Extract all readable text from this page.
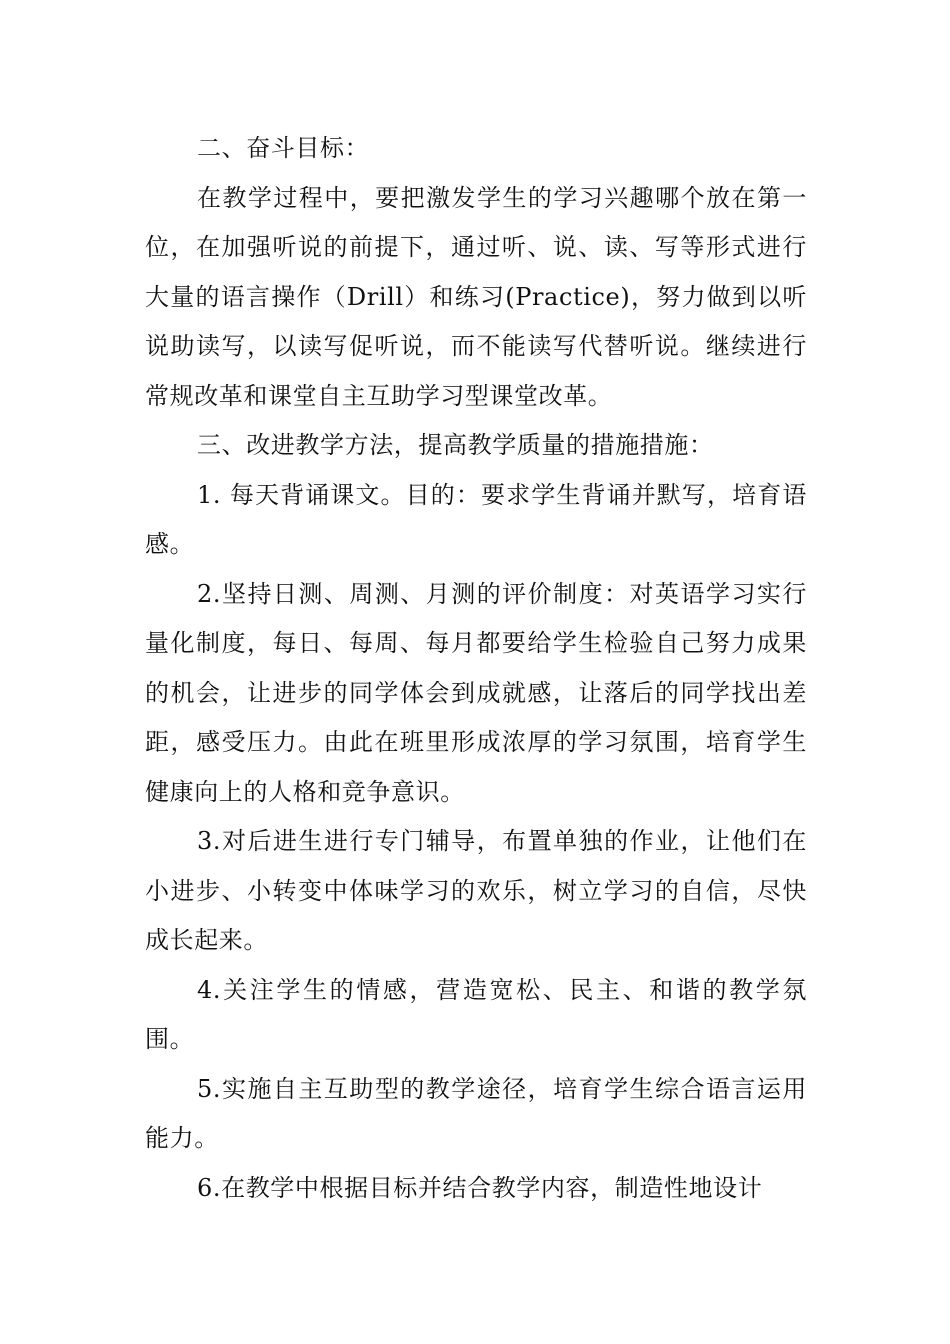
二、奋斗目标：

在教学过程中，要把激发学生的学习兴趣哪个放在第一位，在加强听说的前提下，通过听、说、读、写等形式进行大量的语言操作（Drill）和练习(Practice)，努力做到以听说助读写，以读写促听说，而不能读写代替听说。继续进行常规改革和课堂自主互助学习型课堂改革。

三、改进教学方法，提高教学质量的措施措施：

1. 每天背诵课文。目的：要求学生背诵并默写，培育语感。

2.坚持日测、周测、月测的评价制度：对英语学习实行量化制度，每日、每周、每月都要给学生检验自己努力成果的机会，让进步的同学体会到成就感，让落后的同学找出差距，感受压力。由此在班里形成浓厚的学习氛围，培育学生健康向上的人格和竞争意识。

3.对后进生进行专门辅导，布置单独的作业，让他们在小进步、小转变中体味学习的欢乐，树立学习的自信，尽快成长起来。

4.关注学生的情感，营造宽松、民主、和谐的教学氛围。

5.实施自主互助型的教学途径，培育学生综合语言运用能力。

6.在教学中根据目标并结合教学内容，制造性地设计
